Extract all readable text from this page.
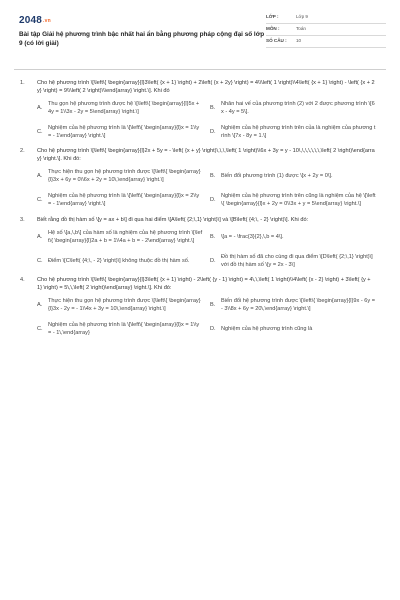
2048.vn
Bài tập Giải hệ phương trình bậc nhất hai ẩn bằng phương pháp cộng đại số lớp 9 (có lời giải)
LỚP :	Lớp 9
MÔN :	Toán
SỐ CÂU :	10
1.	Cho hệ phương trình \[\left\{ \begin{array}{l}3\left( {x + 1} \right) + 2\left( {x + 2y} \right) = 4\\\left( 1 \right)\\4\left( {x + 1} \right) - \left( {x + 2y} \right) = 9\\\left( 2 \right)\\\end{array} \right.\]. Khi đó
A.
Thu gọn hệ phương trình được hệ \[\left\{ \begin{array}{l}5x + 4y = 1\\3x - 2y = 5\end{array} \right.\]
B.
Nhân hai vế của phương trình (2) với 2 được phương trình \[6x - 4y = 5\].
C.
Nghiệm của hệ phương trình là \[\left\{ \begin{array}{l}x = 1\\y = - 1\end{array} \right.\]
D.
Nghiệm của hệ phương trình trên của là nghiệm của phương trình \[7x - 8y = 1.\]
2.	Cho hệ phương trình \[\left\{ \begin{array}{l}2x + 5y = - \left( {x + y} \right)\,\,\,\left( 1 \right)\\6x + 3y = y - 10\,\,\,\,\,\,\,\left( 2 \right)\end{array} \right.\]. Khi đó:
A.
Thực hiện thu gọn hệ phương trình được \[\left\{ \begin{array}{l}3x + 6y = 0\\6x + 2y = 10\,\end{array} \right.\]
B.	Biến đổi phương trình (1) được \[x + 2y = 0\].
C.
Nghiệm của hệ phương trình là \[\left\{ \begin{array}{l}x = 2\\y = - 1\end{array} \right.\]
D.
Nghiệm của hệ phương trình trên cũng là nghiệm của hệ \[\left\{ \begin{array}{l}x + 2y = 0\\3x + y = 5\end{array} \right.\]
3.	Biết rằng đồ thị hàm số \[y = ax + b\] đi qua hai điểm \[A\left( {2;\,1} \right)\] và \[B\left( {4;\, - 2} \right)\]. Khi đó:
A.
Hệ số \[a,\,b\] của hàm số là nghiệm của hệ phương trình \[\left\{ \begin{array}{l}2a + b = 1\\4a + b = - 2\end{array} \right.\]
B.	\[a = - \frac{3}{2},\,b = 4\].
C. Điểm \[C\left( {4;\, - 2} \right)\] không thuộc đồ thị hàm số.	D.
Đồ thị hàm số đã cho cùng đi qua điểm \[D\left( {2;\,1} \right)\] với đồ thị hàm số \[y = 2x - 3\]
4.	Cho hệ phương trình \[\left\{ \begin{array}{l}3\left( {x + 1} \right) - 2\left( {y - 1} \right) = 4\,\,\left( 1 \right)\\4\left( {x - 2} \right) + 3\left( {y + 1} \right) = 5\,\,\left( 2 \right)\end{array} \right.\]. Khi đó:
A.
Thực hiện thu gọn hệ phương trình được \[\left\{ \begin{array}{l}3x - 2y = - 1\\4x + 3y = 10\,\end{array} \right.\]
B.
Biến đổi hệ phương trình được \[\left\{ \begin{array}{l}9x - 6y = - 3\\8x + 6y = 20\,\end{array} \right.\]
C.
Nghiệm của hệ phương trình là \[\left\{ \begin{array}{l}x = 1\\y = - 1\,\end{array}
D. Nghiệm của hệ phương trình cũng là
